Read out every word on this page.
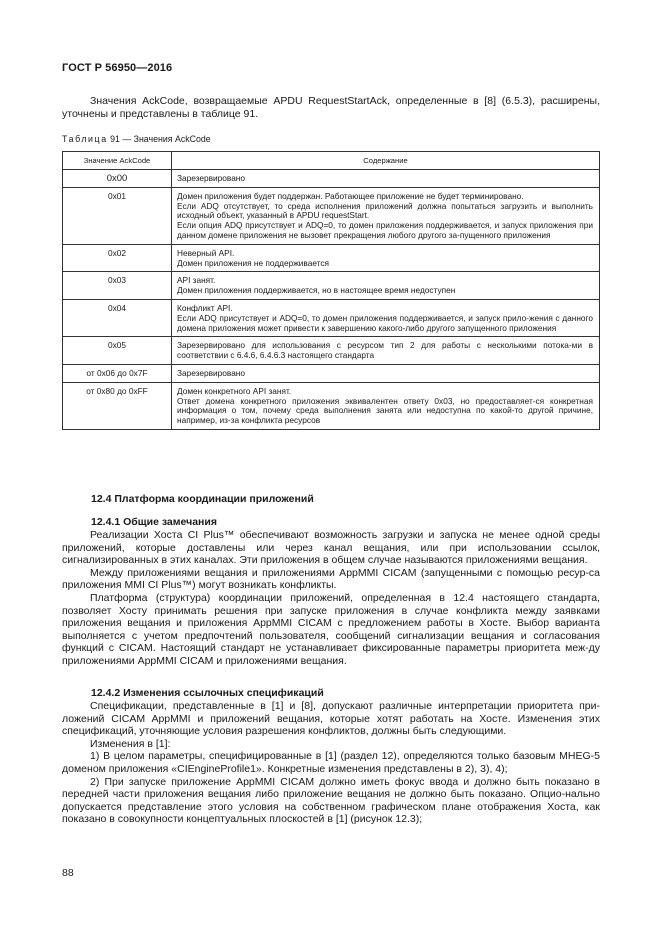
ГОСТ Р 56950—2016
Значения AckCode, возвращаемые APDU RequestStartAck, определенные в [8] (6.5.3), расширены, уточнены и представлены в таблице 91.
Таблица 91 — Значения AckCode
Значение AckCode	Содержание
0x00	Зарезервировано

0x01	Домен приложения будет поддержан. Работающее приложение не будет терминировано.
Если ADQ отсутствует, то среда исполнения приложений должна попытаться загрузить и выполнить исходный объект, указанный в APDU requestStart.
Если опция ADQ присутствует и ADQ=0, то домен приложения поддерживается, и запуск приложения при данном домене приложения не вызовет прекращения любого другого за-пущенного приложения

0x02	Неверный API.
Домен приложения не поддерживается

0x03	API занят.
Домен приложения поддерживается, но в настоящее время недоступен

0x04	Конфликт API.
Если ADQ присутствует и ADQ=0, то домен приложения поддерживается, и запуск прило-жения с данного домена приложения может привести к завершению какого-либо другого запущенного приложения

0x05	Зарезервировано для использования с ресурсом тип 2 для работы с несколькими потока-ми в соответствии с 6.4.6, 6.4.6.3 настоящего стандарта

от 0x06 до 0x7F	Зарезервировано

от 0x80 до 0xFF	Домен конкретного API занят.
Ответ домена конкретного приложения эквивалентен ответу 0x03, но предоставляет-ся конкретная информация о том, почему среда выполнения занята или недоступна по какой-то другой причине, например, из-за конфликта ресурсов
12.4 Платформа координации приложений
12.4.1 Общие замечания

Реализации Хоста CI Plus™ обеспечивают возможность загрузки и запуска не менее одной среды приложений, которые доставлены или через канал вещания, или при использовании ссылок, сигнализированных в этих каналах. Эти приложения в общем случае называются приложениями вещания.

Между приложениями вещания и приложениями AppMMI CICAM (запущенными с помощью ресур-са приложения MMI CI Plus™) могут возникать конфликты.

Платформа (структура) координации приложений, определенная в 12.4 настоящего стандарта, позволяет Хосту принимать решения при запуске приложения в случае конфликта между заявками приложения вещания и приложения AppMMI CICAM с предложением работы в Хосте. Выбор варианта выполняется с учетом предпочтений пользователя, сообщений сигнализации вещания и согласования функций с CICAM. Настоящий стандарт не устанавливает фиксированные параметры приоритета меж-ду приложениями AppMMI CICAM и приложениями вещания.

12.4.2 Изменения ссылочных спецификаций

Спецификации, представленные в [1] и [8], допускают различные интерпретации приоритета при-ложений CICAM AppMMI и приложений вещания, которые хотят работать на Хосте. Изменения этих спецификаций, уточняющие условия разрешения конфликтов, должны быть следующими.

Изменения в [1]:

1) В целом параметры, специфицированные в [1] (раздел 12), определяются только базовым MHEG-5 доменом приложения «CIEngineProfile1». Конкретные изменения представлены в 2), 3), 4);

2) При запуске приложение AppMMI CICAM должно иметь фокус ввода и должно быть показано в передней части приложения вещания либо приложение вещания не должно быть показано. Опцио-нально допускается представление этого условия на собственном графическом плане отображения Хоста, как показано в совокупности концептуальных плоскостей в [1] (рисунок 12.3);

88
